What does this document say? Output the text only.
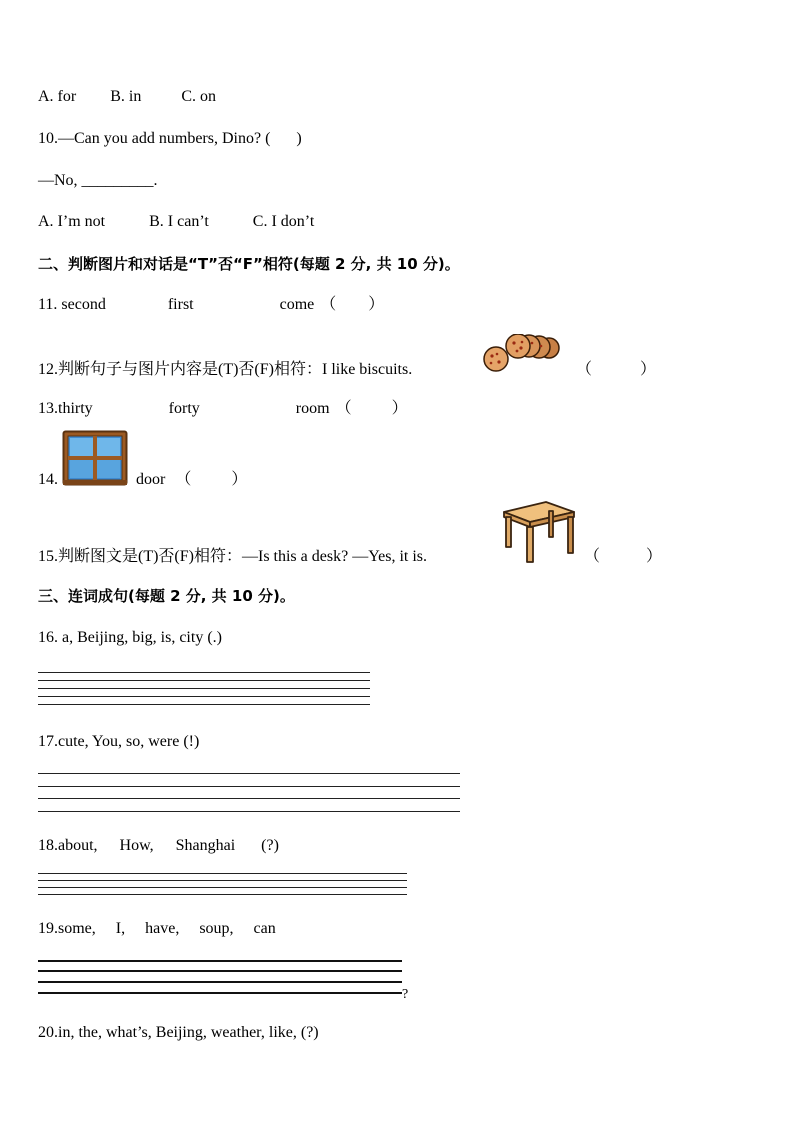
A. for B. in	C. on
10.—Can you add numbers, Dino? ( )
—No, _________.
A. I’m not	B. I can’t	C. I don’t
二、判断图片和对话是“T”否“F”相符(每题 2 分, 共 10 分)。
11. second	first	come （ ）
12.判断句子与图片内容是(T)否(F)相符：I like biscuits.	（	）
13.thirty	forty	room （	）
14.	door （	）
15.判断图文是(T)否(F)相符：—Is this a desk? —Yes, it is.	（	）
三、连词成句(每题 2 分, 共 10 分)。
16. a, Beijing, big, is, city (.)
17.cute, You, so, were (!)
18.about, How, Shanghai (?)
19.some, I, have, soup, can
?
20.in, the, what’s, Beijing, weather, like, (?)
